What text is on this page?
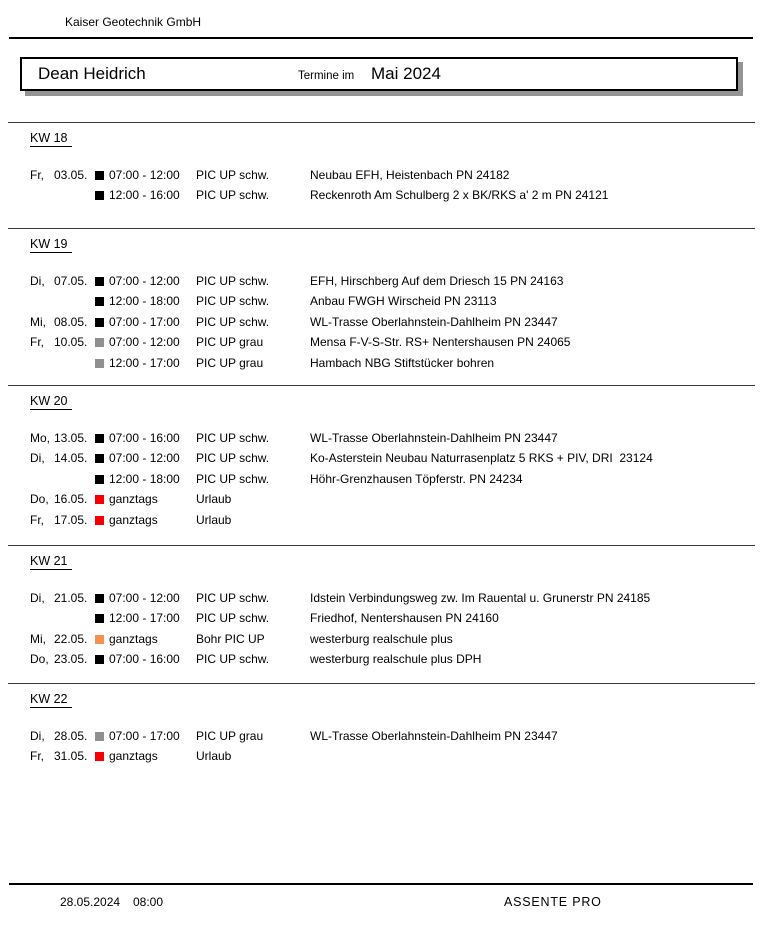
Kaiser Geotechnik GmbH
Dean Heidrich	Termine im Mai 2024
KW 18
Fr, 03.05. 07:00 - 12:00 PIC UP schw.	Neubau EFH, Heistenbach PN 24182
12:00 - 16:00 PIC UP schw.	Reckenroth Am Schulberg 2 x BK/RKS a' 2 m PN 24121
KW 19
Di, 07.05. 07:00 - 12:00 PIC UP schw.	EFH, Hirschberg Auf dem Driesch 15 PN 24163
12:00 - 18:00 PIC UP schw.	Anbau FWGH Wirscheid PN 23113
Mi, 08.05. 07:00 - 17:00 PIC UP schw.	WL-Trasse Oberlahnstein-Dahlheim PN 23447
Fr, 10.05. 07:00 - 12:00 PIC UP grau	Mensa F-V-S-Str. RS+ Nentershausen PN 24065
12:00 - 17:00 PIC UP grau	Hambach NBG Stiftstücker bohren
KW 20
Mo, 13.05. 07:00 - 16:00 PIC UP schw.	WL-Trasse Oberlahnstein-Dahlheim PN 23447
Di, 14.05. 07:00 - 12:00 PIC UP schw.	Ko-Asterstein Neubau Naturrasenplatz 5 RKS + PIV, DRI  23124
12:00 - 18:00 PIC UP schw.	Höhr-Grenzhausen Töpferstr. PN 24234
Do, 16.05. ganztags	Urlaub
Fr, 17.05. ganztags	Urlaub
KW 21
Di, 21.05. 07:00 - 12:00 PIC UP schw.	Idstein Verbindungsweg zw. Im Rauental u. Grunerstr PN 24185
12:00 - 17:00 PIC UP schw.	Friedhof, Nentershausen PN 24160
Mi, 22.05. ganztags	Bohr PIC UP	westerburg realschule plus
Do, 23.05. 07:00 - 16:00 PIC UP schw.	westerburg realschule plus DPH
KW 22
Di, 28.05. 07:00 - 17:00 PIC UP grau	WL-Trasse Oberlahnstein-Dahlheim PN 23447
Fr, 31.05. ganztags	Urlaub
28.05.2024 08:00	ASSENTE PRO
